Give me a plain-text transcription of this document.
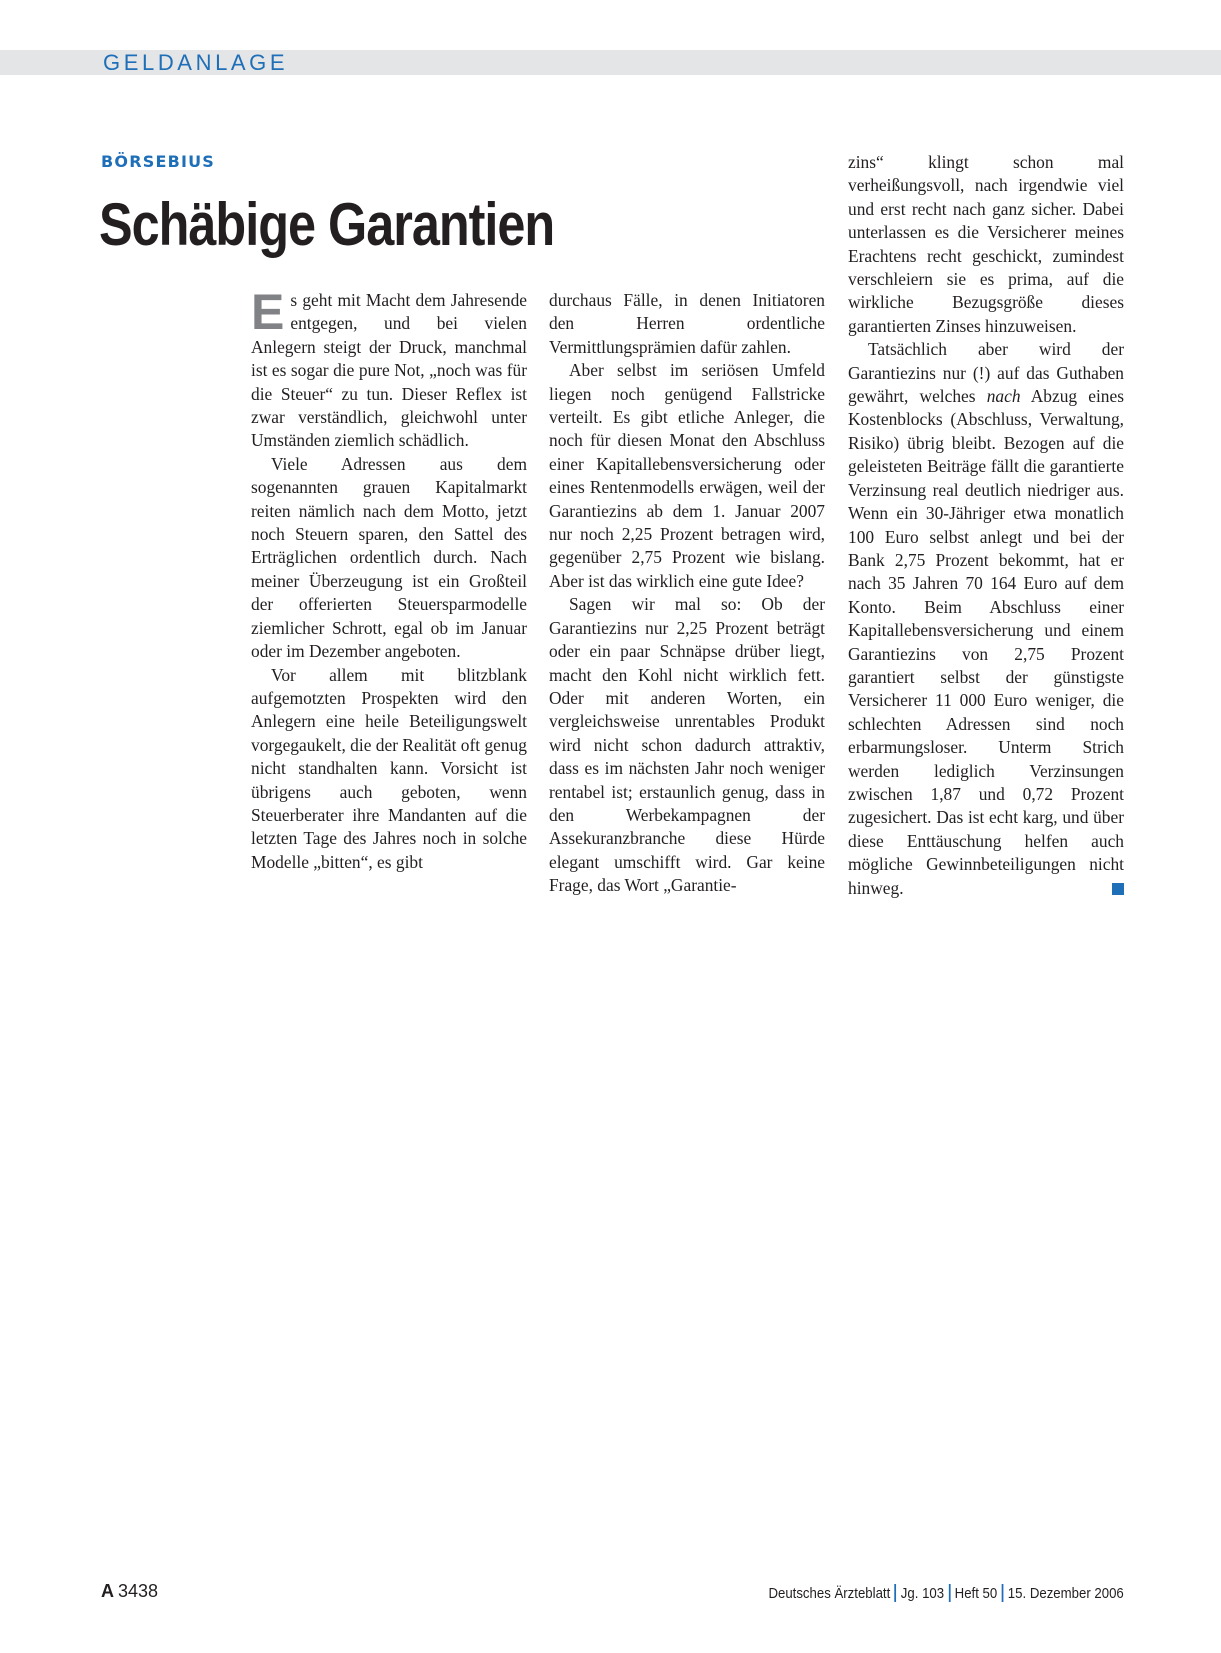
GELDANLAGE
BÖRSEBIUS
Schäbige Garantien

Es geht mit Macht dem Jahresende entgegen, und bei vielen Anlegern steigt der Druck, manchmal ist es sogar die pure Not, „noch was für die Steuer“ zu tun. Dieser Reflex ist zwar verständlich, gleichwohl unter Umständen ziemlich schädlich.

Viele Adressen aus dem sogenannten grauen Kapitalmarkt reiten nämlich nach dem Motto, jetzt noch Steuern sparen, den Sattel des Erträglichen ordentlich durch. Nach meiner Überzeugung ist ein Großteil der offerierten Steuersparmodelle ziemlicher Schrott, egal ob im Januar oder im Dezember angeboten.

Vor allem mit blitzblank aufgemotzten Prospekten wird den Anlegern eine heile Beteiligungswelt vorgegaukelt, die der Realität oft genug nicht standhalten kann. Vorsicht ist übrigens auch geboten, wenn Steuerberater ihre Mandanten auf die letzten Tage des Jahres noch in solche Modelle „bitten“, es gibt

durchaus Fälle, in denen Initiatoren den Herren ordentliche Vermittlungsprämien dafür zahlen.

Aber selbst im seriösen Umfeld liegen noch genügend Fallstricke verteilt. Es gibt etliche Anleger, die noch für diesen Monat den Abschluss einer Kapitallebensversicherung oder eines Rentenmodells erwägen, weil der Garantiezins ab dem 1. Januar 2007 nur noch 2,25 Prozent betragen wird, gegenüber 2,75 Prozent wie bislang. Aber ist das wirklich eine gute Idee?

Sagen wir mal so: Ob der Garantiezins nur 2,25 Prozent beträgt oder ein paar Schnäpse drüber liegt, macht den Kohl nicht wirklich fett. Oder mit anderen Worten, ein vergleichsweise unrentables Produkt wird nicht schon dadurch attraktiv, dass es im nächsten Jahr noch weniger rentabel ist; erstaunlich genug, dass in den Werbekampagnen der Assekuranzbranche diese Hürde elegant umschifft wird. Gar keine Frage, das Wort „Garantie-

zins“ klingt schon mal verheißungsvoll, nach irgendwie viel und erst recht nach ganz sicher. Dabei unterlassen es die Versicherer meines Erachtens recht geschickt, zumindest verschleiern sie es prima, auf die wirkliche Bezugsgröße dieses garantierten Zinses hinzuweisen.

Tatsächlich aber wird der Garantiezins nur (!) auf das Guthaben gewährt, welches nach Abzug eines Kostenblocks (Abschluss, Verwaltung, Risiko) übrig bleibt. Bezogen auf die geleisteten Beiträge fällt die garantierte Verzinsung real deutlich niedriger aus. Wenn ein 30-Jähriger etwa monatlich 100 Euro selbst anlegt und bei der Bank 2,75 Prozent bekommt, hat er nach 35 Jahren 70 164 Euro auf dem Konto. Beim Abschluss einer Kapitallebensversicherung und einem Garantiezins von 2,75 Prozent garantiert selbst der günstigste Versicherer 11 000 Euro weniger, die schlechten Adressen sind noch erbarmungsloser. Unterm Strich werden lediglich Verzinsungen zwischen 1,87 und 0,72 Prozent zugesichert. Das ist echt karg, und über diese Enttäuschung helfen auch mögliche Gewinnbeteiligungen nicht hinweg.

A 3438	Deutsches Ärzteblatt Jg. 103 Heft 50 15. Dezember 2006
